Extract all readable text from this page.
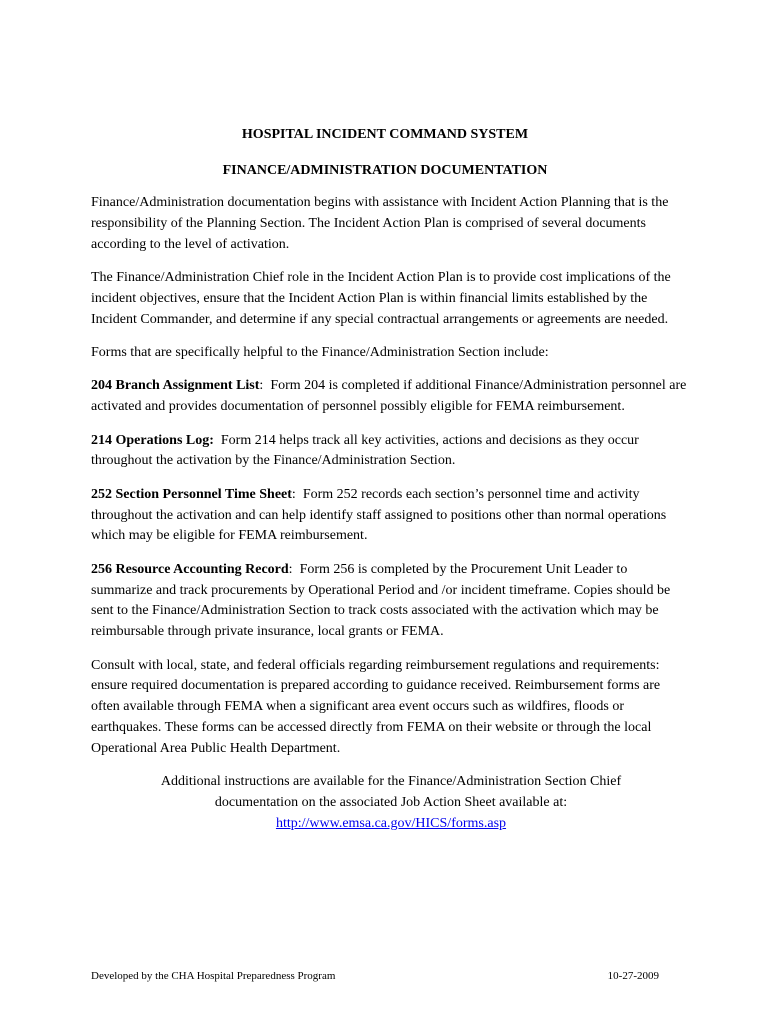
HOSPITAL INCIDENT COMMAND SYSTEM
FINANCE/ADMINISTRATION DOCUMENTATION

Finance/Administration documentation begins with assistance with Incident Action Planning that is the responsibility of the Planning Section. The Incident Action Plan is comprised of several documents according to the level of activation.

The Finance/Administration Chief role in the Incident Action Plan is to provide cost implications of the incident objectives, ensure that the Incident Action Plan is within financial limits established by the Incident Commander, and determine if any special contractual arrangements or agreements are needed.

Forms that are specifically helpful to the Finance/Administration Section include:

204 Branch Assignment List:  Form 204 is completed if additional Finance/Administration personnel are activated and provides documentation of personnel possibly eligible for FEMA reimbursement.

214 Operations Log: Form 214 helps track all key activities, actions and decisions as they occur throughout the activation by the Finance/Administration Section.

252 Section Personnel Time Sheet:  Form 252 records each section’s personnel time and activity throughout the activation and can help identify staff assigned to positions other than normal operations which may be eligible for FEMA reimbursement.

256 Resource Accounting Record:  Form 256 is completed by the Procurement Unit Leader to summarize and track procurements by Operational Period and /or incident timeframe. Copies should be sent to the Finance/Administration Section to track costs associated with the activation which may be reimbursable through private insurance, local grants or FEMA.

Consult with local, state, and federal officials regarding reimbursement regulations and requirements: ensure required documentation is prepared according to guidance received. Reimbursement forms are often available through FEMA when a significant area event occurs such as wildfires, floods or earthquakes. These forms can be accessed directly from FEMA on their website or through the local Operational Area Public Health Department.

Additional instructions are available for the Finance/Administration Section Chief
documentation on the associated Job Action Sheet available at:
http://www.emsa.ca.gov/HICS/forms.asp
Developed by the CHA Hospital Preparedness Program	10-27-2009
